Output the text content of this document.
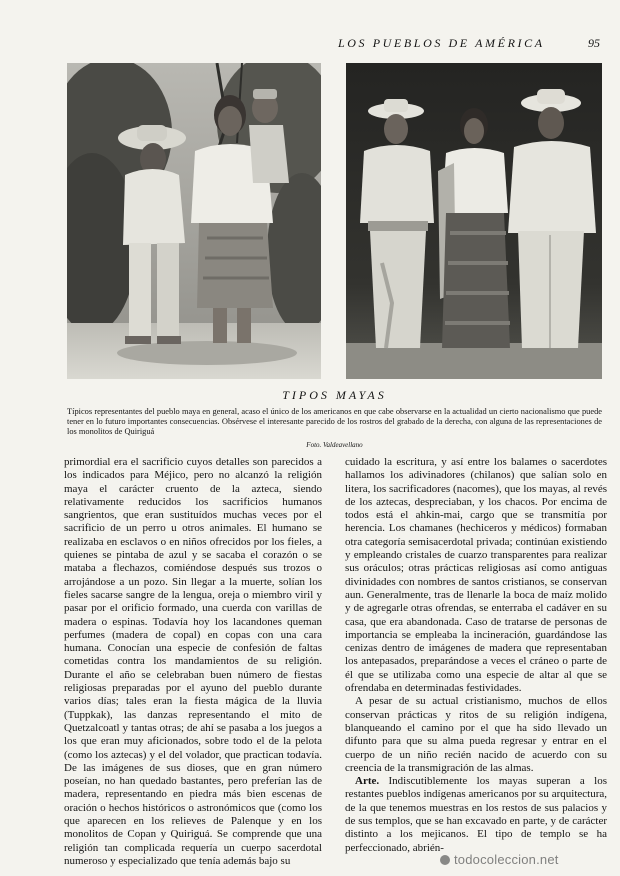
LOS PUEBLOS DE AMÉRICA	95
TIPOS MAYAS
Típicos representantes del pueblo maya en general, acaso el único de los americanos en que cabe observarse en la actualidad un cierto nacionalismo que puede tener en lo futuro importantes consecuencias. Obsérvese el interesante parecido de los rostros del grabado de la derecha, con alguna de las representaciones de los monolitos de Quiriguá
Foto. Valdeavellano

primordial era el sacrificio cuyos detalles son parecidos a los indicados para Méjico, pero no alcanzó la religión maya el carácter cruento de la azteca, siendo relativamente reducidos los sacrificios humanos sangrientos, que eran sustituídos muchas veces por el sacrificio de un perro u otros animales. El humano se realizaba en esclavos o en niños ofrecidos por los fieles, a quienes se pintaba de azul y se sacaba el corazón o se mataba a flechazos, comiéndose después sus trozos o arrojándose a un pozo. Sin llegar a la muerte, solían los fieles sacarse sangre de la lengua, oreja o miembro viril y pasar por el orificio formado, una cuerda con varillas de madera o espinas. Todavía hoy los lacandones queman perfumes (madera de copal) en copas con una cara humana. Conocían una especie de confesión de faltas cometidas contra los mandamientos de su religión. Durante el año se celebraban buen número de fiestas religiosas preparadas por el ayuno del pueblo durante varios días; tales eran la fiesta mágica de la lluvia (Tuppkak), las danzas representando el mito de Quetzalcoatl y tantas otras; de ahí se pasaba a los juegos a los que eran muy aficionados, sobre todo el de la pelota (como los aztecas) y el del volador, que practican todavía. De las imágenes de sus dioses, que en gran número poseían, no han quedado bastantes, pero preferían las de madera, representando en piedra más bien escenas de oración o hechos históricos o astronómicos que (como los que aparecen en los relieves de Palenque y en los monolitos de Copan y Quiriguá. Se comprende que una religión tan complicada requería un cuerpo sacerdotal numeroso y especializado que tenía además bajo su

cuidado la escritura, y así entre los balames o sacerdotes hallamos los adivinadores (chilanos) que salían solo en litera, los sacrificadores (nacomes), que los mayas, al revés de los aztecas, despreciaban, y los chacos. Por encima de todos está el ahkin-mai, cargo que se transmitía por herencia. Los chamanes (hechiceros y médicos) formaban otra categoría semisacerdotal privada; continúan existiendo y empleando cristales de cuarzo transparentes para realizar sus oráculos; otras prácticas religiosas así como antiguas divinidades con nombres de santos cristianos, se conservan aun. Generalmente, tras de llenarle la boca de maíz molido y de agregarle otras ofrendas, se enterraba el cadáver en su casa, que era abandonada. Caso de tratarse de personas de importancia se empleaba la incineración, guardándose las cenizas dentro de imágenes de madera que representaban los antepasados, preparándose a veces el cráneo o parte de él que se utilizaba como una especie de altar al que se ofrendaba en determinadas festividades.

A pesar de su actual cristianismo, muchos de ellos conservan prácticas y ritos de su religión indígena, blanqueando el camino por el que ha sido llevado un difunto para que su alma pueda regresar y entrar en el cuerpo de un niño recién nacido de acuerdo con su creencia de la transmigración de las almas.

Arte. Indiscutiblemente los mayas superan a los restantes pueblos indígenas americanos por su arquitectura, de la que tenemos muestras en los restos de sus palacios y de sus templos, que se han excavado en parte, y de carácter distinto a los mejicanos. El tipo de templo se ha perfeccionado, abrién-

todocoleccion.net
